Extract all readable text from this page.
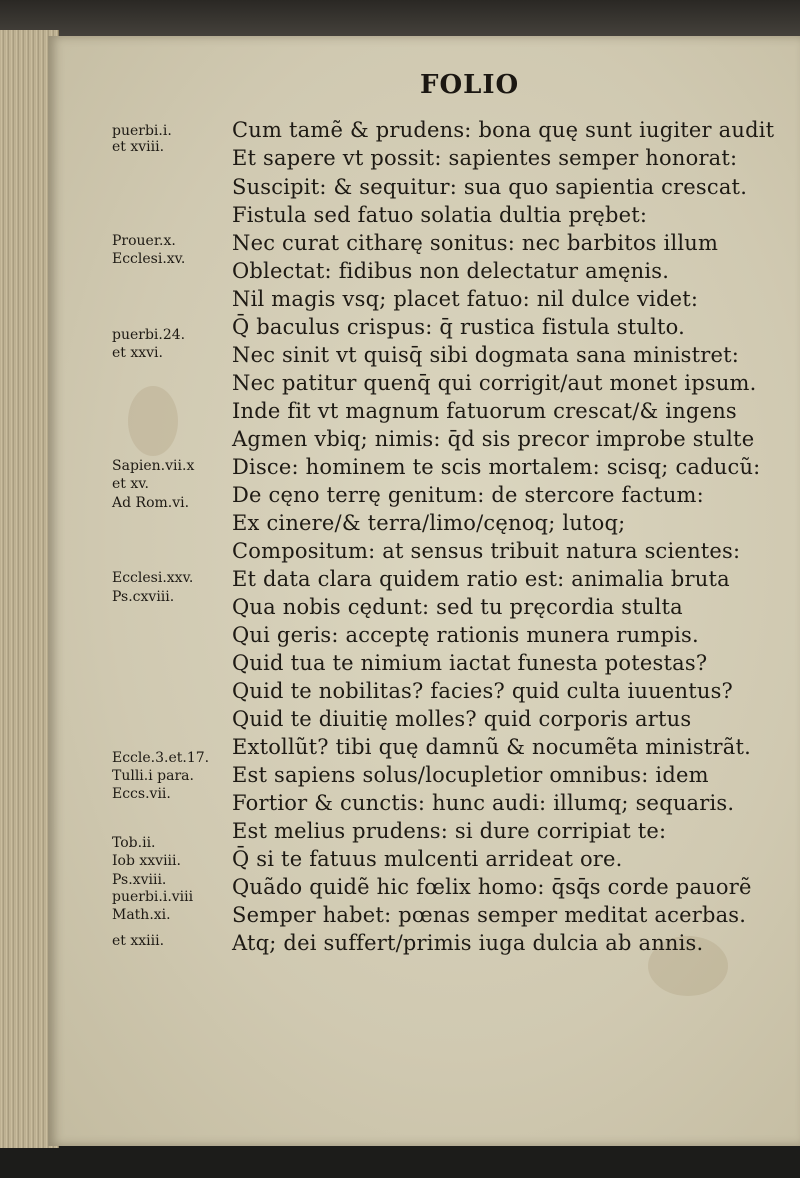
FOLIO
Cum tamẽ & prudens: bona quę sunt iugiter audit
Et sapere vt possit: sapientes semper honorat:
Suscipit: & sequitur: sua quo sapientia crescat.
Fistula sed fatuo solatia dultia prębet:
Nec curat citharę sonitus: nec barbitos illum
Oblectat: fidibus non delectatur amęnis.
Nil magis vsq; placet fatuo: nil dulce videt:
Q̄ baculus crispus: q̄ rustica fistula stulto.
Nec sinit vt quisq̄ sibi dogmata sana ministret:
Nec patitur quenq̄ qui corrigit/aut monet ipsum.
Inde fit vt magnum fatuorum crescat/& ingens
Agmen vbiq; nimis: q̄d sis precor improbe stulte
Disce: hominem te scis mortalem: scisq; caducũ:
De cęno terrę genitum: de stercore factum:
Ex cinere/& terra/limo/cęnoq; lutoq;
Compositum: at sensus tribuit natura scientes:
Et data clara quidem ratio est: animalia bruta
Qua nobis cędunt: sed tu pręcordia stulta
Qui geris: acceptę rationis munera rumpis.
Quid tua te nimium iactat funesta potestas?
Quid te nobilitas? facies? quid culta iuuentus?
Quid te diuitię molles? quid corporis artus
Extollũt? tibi quę damnũ & nocumẽta ministrãt.
Est sapiens solus/locupletior omnibus: idem
Fortior & cunctis: hunc audi: illumq; sequaris.
Est melius prudens: si dure corripiat te:
Q̄ si te fatuus mulcenti arrideat ore.
Quãdo quidẽ hic fœlix homo: q̄sq̄s corde pauorẽ
Semper habet: pœnas semper meditat acerbas.
Atq; dei suffert/primis iuga dulcia ab annis.
puerbi.i.
et xviii.
Prouer.x.
Ecclesi.xv.
puerbi.24.
et xxvi.
Sapien.vii.x
et xv.
Ad Rom.vi.
Ecclesi.xxv.
Ps.cxviii.
Eccle.3.et.17.
Tulli.i para.
Eccs.vii.
Tob.ii.
Iob xxviii.
Ps.xviii.
puerbi.i.viii
Math.xi.
et xxiii.
